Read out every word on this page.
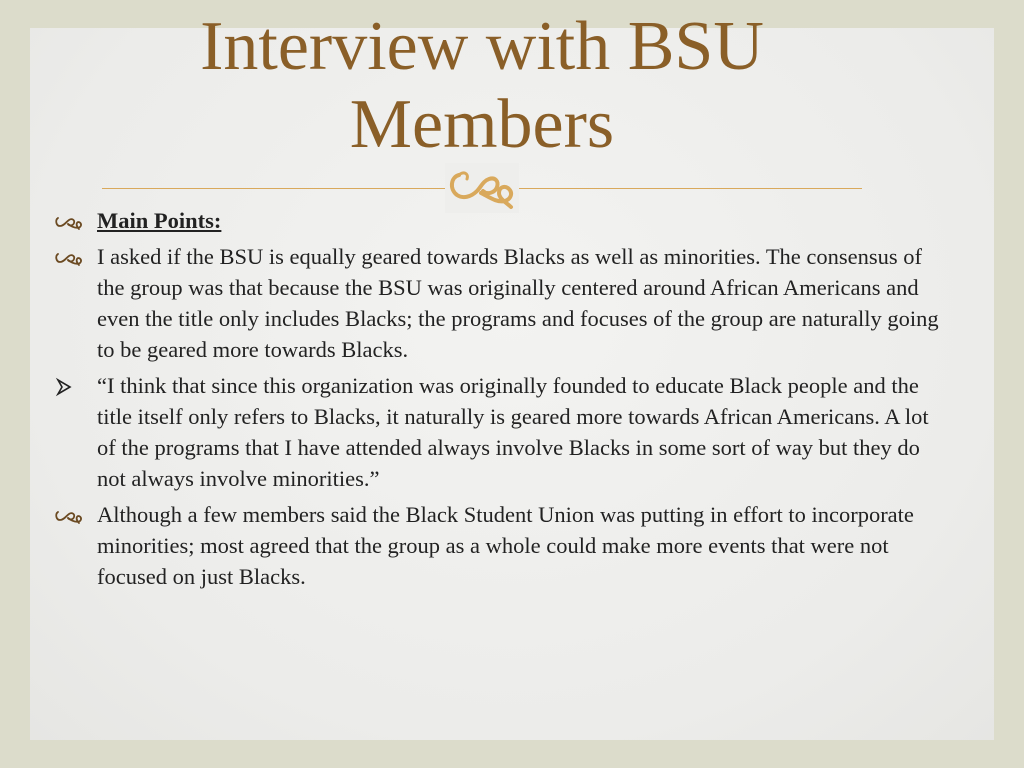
Interview with BSU
Members
Main Points:
I asked if the BSU is equally geared towards Blacks as well as minorities. The consensus of the group was that because the BSU was originally centered around African Americans and even the title only includes Blacks; the programs and focuses of the group are naturally going to be geared more towards Blacks.
“I think that since this organization was originally founded to educate Black people and the title itself only refers to Blacks, it naturally is geared more towards African Americans. A lot of the programs that I have attended always involve Blacks in some sort of way but they do not always involve minorities.”
Although a few members said the Black Student Union was putting in effort to incorporate minorities; most agreed that the group as a whole could make more events that were not focused on just Blacks.
